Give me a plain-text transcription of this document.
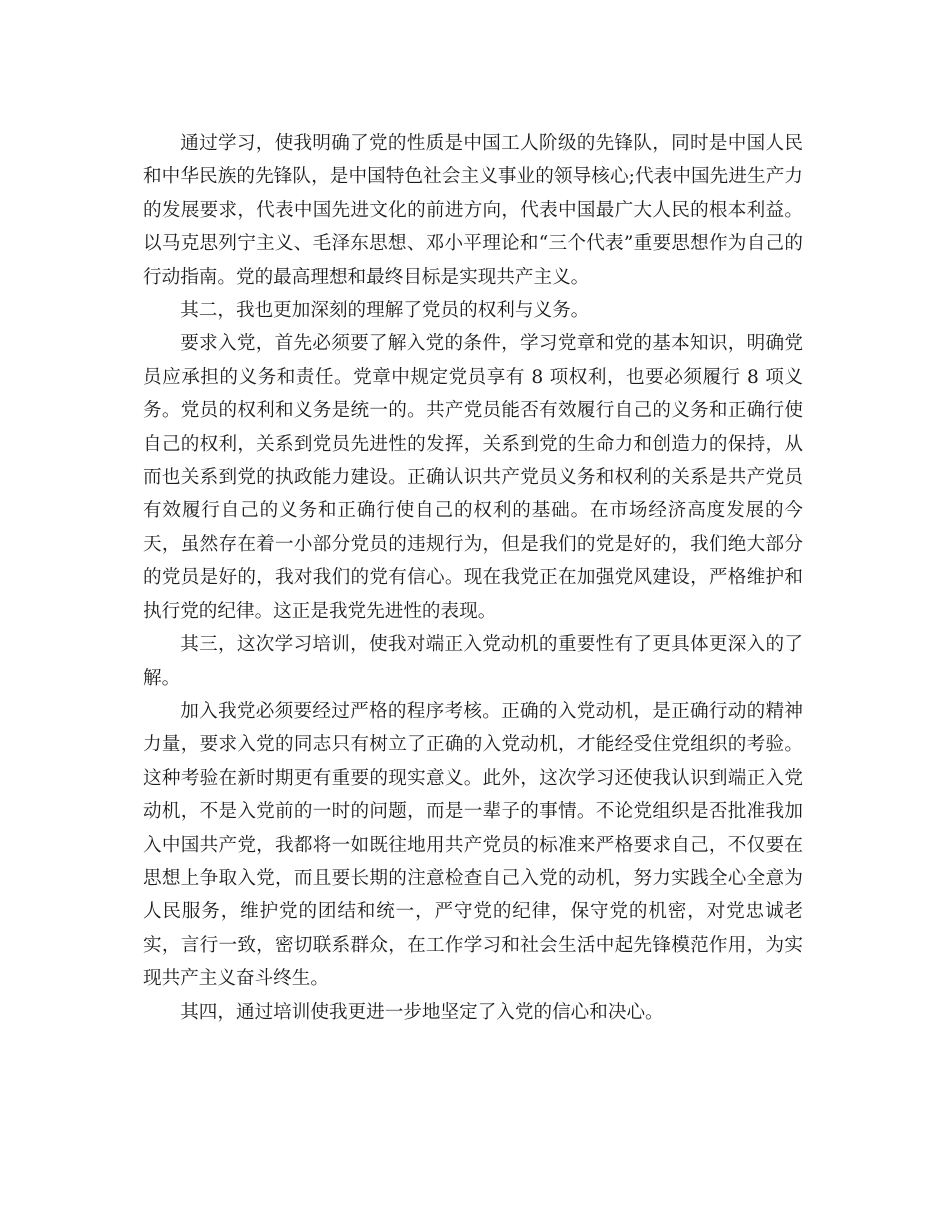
通过学习，使我明确了党的性质是中国工人阶级的先锋队，同时是中国人民和中华民族的先锋队，是中国特色社会主义事业的领导核心;代表中国先进生产力的发展要求，代表中国先进文化的前进方向，代表中国最广大人民的根本利益。以马克思列宁主义、毛泽东思想、邓小平理论和“三个代表”重要思想作为自己的行动指南。党的最高理想和最终目标是实现共产主义。

其二，我也更加深刻的理解了党员的权利与义务。

要求入党，首先必须要了解入党的条件，学习党章和党的基本知识，明确党员应承担的义务和责任。党章中规定党员享有 8 项权利，也要必须履行 8 项义务。党员的权利和义务是统一的。共产党员能否有效履行自己的义务和正确行使自己的权利，关系到党员先进性的发挥，关系到党的生命力和创造力的保持，从而也关系到党的执政能力建设。正确认识共产党员义务和权利的关系是共产党员有效履行自己的义务和正确行使自己的权利的基础。在市场经济高度发展的今天，虽然存在着一小部分党员的违规行为，但是我们的党是好的，我们绝大部分的党员是好的，我对我们的党有信心。现在我党正在加强党风建设，严格维护和执行党的纪律。这正是我党先进性的表现。

其三，这次学习培训，使我对端正入党动机的重要性有了更具体更深入的了解。

加入我党必须要经过严格的程序考核。正确的入党动机，是正确行动的精神力量，要求入党的同志只有树立了正确的入党动机，才能经受住党组织的考验。这种考验在新时期更有重要的现实意义。此外，这次学习还使我认识到端正入党动机，不是入党前的一时的问题，而是一辈子的事情。不论党组织是否批准我加入中国共产党，我都将一如既往地用共产党员的标准来严格要求自己，不仅要在思想上争取入党，而且要长期的注意检查自己入党的动机，努力实践全心全意为人民服务，维护党的团结和统一，严守党的纪律，保守党的机密，对党忠诚老实，言行一致，密切联系群众，在工作学习和社会生活中起先锋模范作用，为实现共产主义奋斗终生。

其四，通过培训使我更进一步地坚定了入党的信心和决心。
